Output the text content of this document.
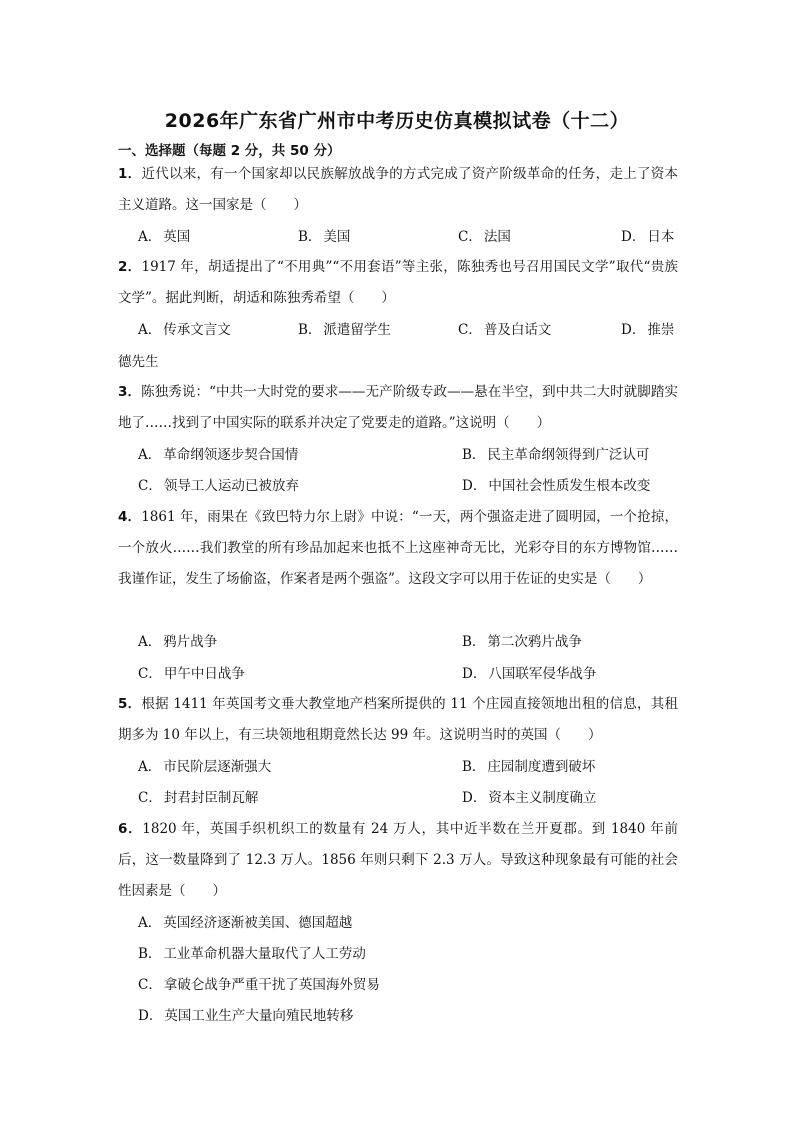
2026年广东省广州市中考历史仿真模拟试卷（十二）
一、选择题（每题 2 分，共 50 分）
1．近代以来，有一个国家却以民族解放战争的方式完成了资产阶级革命的任务，走上了资本主义道路。这一国家是（　　）
A． 英国	B． 美国	C． 法国	D． 日本
2．1917 年，胡适提出了“不用典”“不用套语”等主张，陈独秀也号召用国民文学”取代“贵族文学”。据此判断，胡适和陈独秀希望（　　）
A． 传承文言文	B． 派遣留学生	C． 普及白话文	D． 推崇
德先生
3．陈独秀说：“中共一大时党的要求——无产阶级专政——悬在半空，到中共二大时就脚踏实地了……找到了中国实际的联系并决定了党要走的道路。”这说明（　　）
A． 革命纲领逐步契合国情	B． 民主革命纲领得到广泛认可
C． 领导工人运动已被放弃	D． 中国社会性质发生根本改变
4．1861 年，雨果在《致巴特力尔上尉》中说：“一天，两个强盗走进了圆明园，一个抢掠，一个放火……我们教堂的所有珍品加起来也抵不上这座神奇无比，光彩夺目的东方博物馆……我谨作证，发生了场偷盗，作案者是两个强盗”。这段文字可以用于佐证的史实是（　　）
A． 鸦片战争	B． 第二次鸦片战争
C． 甲午中日战争	D． 八国联军侵华战争
5．根据 1411 年英国考文垂大教堂地产档案所提供的 11 个庄园直接领地出租的信息，其租期多为 10 年以上，有三块领地租期竟然长达 99 年。这说明当时的英国（　　）
A． 市民阶层逐渐强大	B． 庄园制度遭到破坏
C． 封君封臣制瓦解	D． 资本主义制度确立
6．1820 年，英国手织机织工的数量有 24 万人，其中近半数在兰开夏郡。到 1840 年前后，这一数量降到了 12.3 万人。1856 年则只剩下 2.3 万人。导致这种现象最有可能的社会性因素是（　　）
A． 英国经济逐渐被美国、德国超越
B． 工业革命机器大量取代了人工劳动
C． 拿破仑战争严重干扰了英国海外贸易
D． 英国工业生产大量向殖民地转移
